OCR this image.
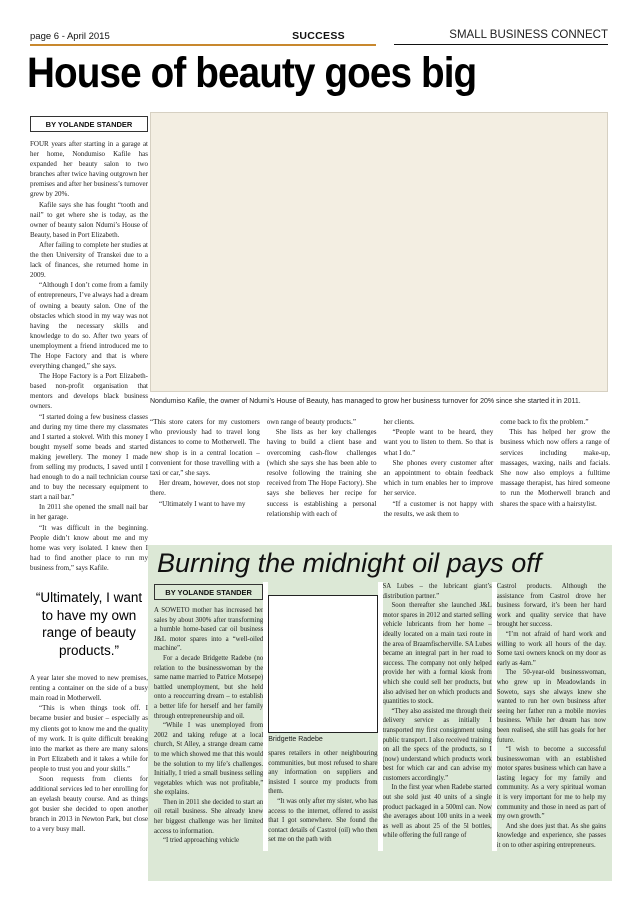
page 6 - April 2015	SUCCESS	SMALL BUSINESS CONNECT
House of beauty goes big
BY YOLANDE STANDER

FOUR years after starting in a garage at her home, Nondumiso Kafile has expanded her beauty salon to two branches after twice having outgrown her premises and after her business’s turnover grew by 20%.

Kafile says she has fought “tooth and nail” to get where she is today, as the owner of beauty salon Ndumi’s House of Beauty, based in Port Elizabeth.

After failing to complete her studies at the then University of Transkei due to a lack of finances, she returned home in 2009.

“Although I don’t come from a family of entrepreneurs, I’ve always had a dream of owning a beauty salon. One of the obstacles which stood in my way was not having the necessary skills and knowledge to do so. After two years of unemployment a friend introduced me to The Hope Factory and that is where everything changed,” she says.

The Hope Factory is a Port Elizabeth-based non-profit organisation that mentors and develops black business owners.

“I started doing a few business classes and during my time there my classmates and I started a stokvel. With this money I bought myself some beads and started making jewellery. The money I made from selling my products, I saved until I had enough to do a nail technician course and to buy the necessary equipment to start a nail bar.”

In 2011 she opened the small nail bar in her garage.

“It was difficult in the beginning. People didn’t know about me and my home was very isolated. I knew then I had to find another place to run my business from,” says Kafile.

“Ultimately, I want to have my own range of beauty products.”

A year later she moved to new premises, renting a container on the side of a busy main road in Motherwell.

“This is when things took off. I became busier and busier – especially as my clients got to know me and the quality of my work. It is quite difficult breaking into the market as there are many salons in Port Elizabeth and it takes a while for people to trust you and your skills.”

Soon requests from clients for additional services led to her enrolling for an eyelash beauty course. And as things got busier she decided to open another branch in 2013 in Newton Park, but close to a very busy mall.

Nondumiso Kafile, the owner of Ndumi’s House of Beauty, has managed to grow her business turnover for 20% since she started it in 2011.

“This store caters for my customers who previously had to travel long distances to come to Motherwell. The new shop is in a central location – convenient for those travelling with a taxi or car,” she says.

Her dream, however, does not stop there.

“Ultimately I want to have my

own range of beauty products.”

She lists as her key challenges having to build a client base and overcoming cash-flow challenges (which she says she has been able to resolve following the training she received from The Hope Factory). She says she believes her recipe for success is establishing a personal relationship with each of

her clients.

“People want to be heard, they want you to listen to them. So that is what I do.”

She phones every customer after an appointment to obtain feedback which in turn enables her to improve her service.

“If a customer is not happy with the results, we ask them to

come back to fix the problem.”

This has helped her grow the business which now offers a range of services including make-up, massages, waxing, nails and facials. She now also employs a fulltime massage therapist, has hired someone to run the Motherwell branch and shares the space with a hairstylist.

Burning the midnight oil pays off
BY YOLANDE STANDER

A SOWETO mother has increased her sales by about 300% after transforming a humble home-based car oil business J&L motor spares into a “well-oiled machine”.

For a decade Bridgette Radebe (no relation to the businesswoman by the same name married to Patrice Motsepe) battled unemployment, but she held onto a reoccurring dream – to establish a better life for herself and her family through entrepreneurship and oil.

“While I was unemployed from 2002 and taking refuge at a local church, St Alley, a strange dream came to me which showed me that this would be the solution to my life’s challenges. Initially, I tried a small business selling vegetables which was not profitable,” she explains.

Then in 2011 she decided to start an oil retail business. She already knew her biggest challenge was her limited access to information.

“I tried approaching vehicle

Bridgette Radebe

spares retailers in other neighbouring communities, but most refused to share any information on suppliers and insisted I source my products from them.

“It was only after my sister, who has access to the internet, offered to assist that I got somewhere. She found the contact details of Castrol (oil) who then set me on the path with

SA Lubes – the lubricant giant’s distribution partner.”

Soon thereafter she launched J&L motor spares in 2012 and started selling vehicle lubricants from her home – ideally located on a main taxi route in the area of Braamfischerville. SA Lubes became an integral part in her road to success. The company not only helped provide her with a formal kiosk from which she could sell her products, but also advised her on which products and quantities to stock.

“They also assisted me through their delivery service as initially I transported my first consignment using public transport. I also received training on all the specs of the products, so I (now) understand which products work best for which car and can advise my customers accordingly.”

In the first year when Radebe started out she sold just 40 units of a single product packaged in a 500ml can. Now she averages about 100 units in a week as well as about 25 of the 5l bottles, while offering the full range of

Castrol products. Although the assistance from Castrol drove her business forward, it’s been her hard work and quality service that have brought her success.

“I’m not afraid of hard work and willing to work all hours of the day. Some taxi owners knock on my door as early as 4am.”

The 50-year-old businesswoman, who grew up in Meadowlands in Soweto, says she always knew she wanted to run her own business after seeing her father run a mobile movies business. While her dream has now been realised, she still has goals for her future.

“I wish to become a successful businesswoman with an established motor spares business which can have a lasting legacy for my family and community. As a very spiritual woman it is very important for me to help my community and those in need as part of my own growth.”

And she does just that. As she gains knowledge and experience, she passes it on to other aspiring entrepreneurs.
